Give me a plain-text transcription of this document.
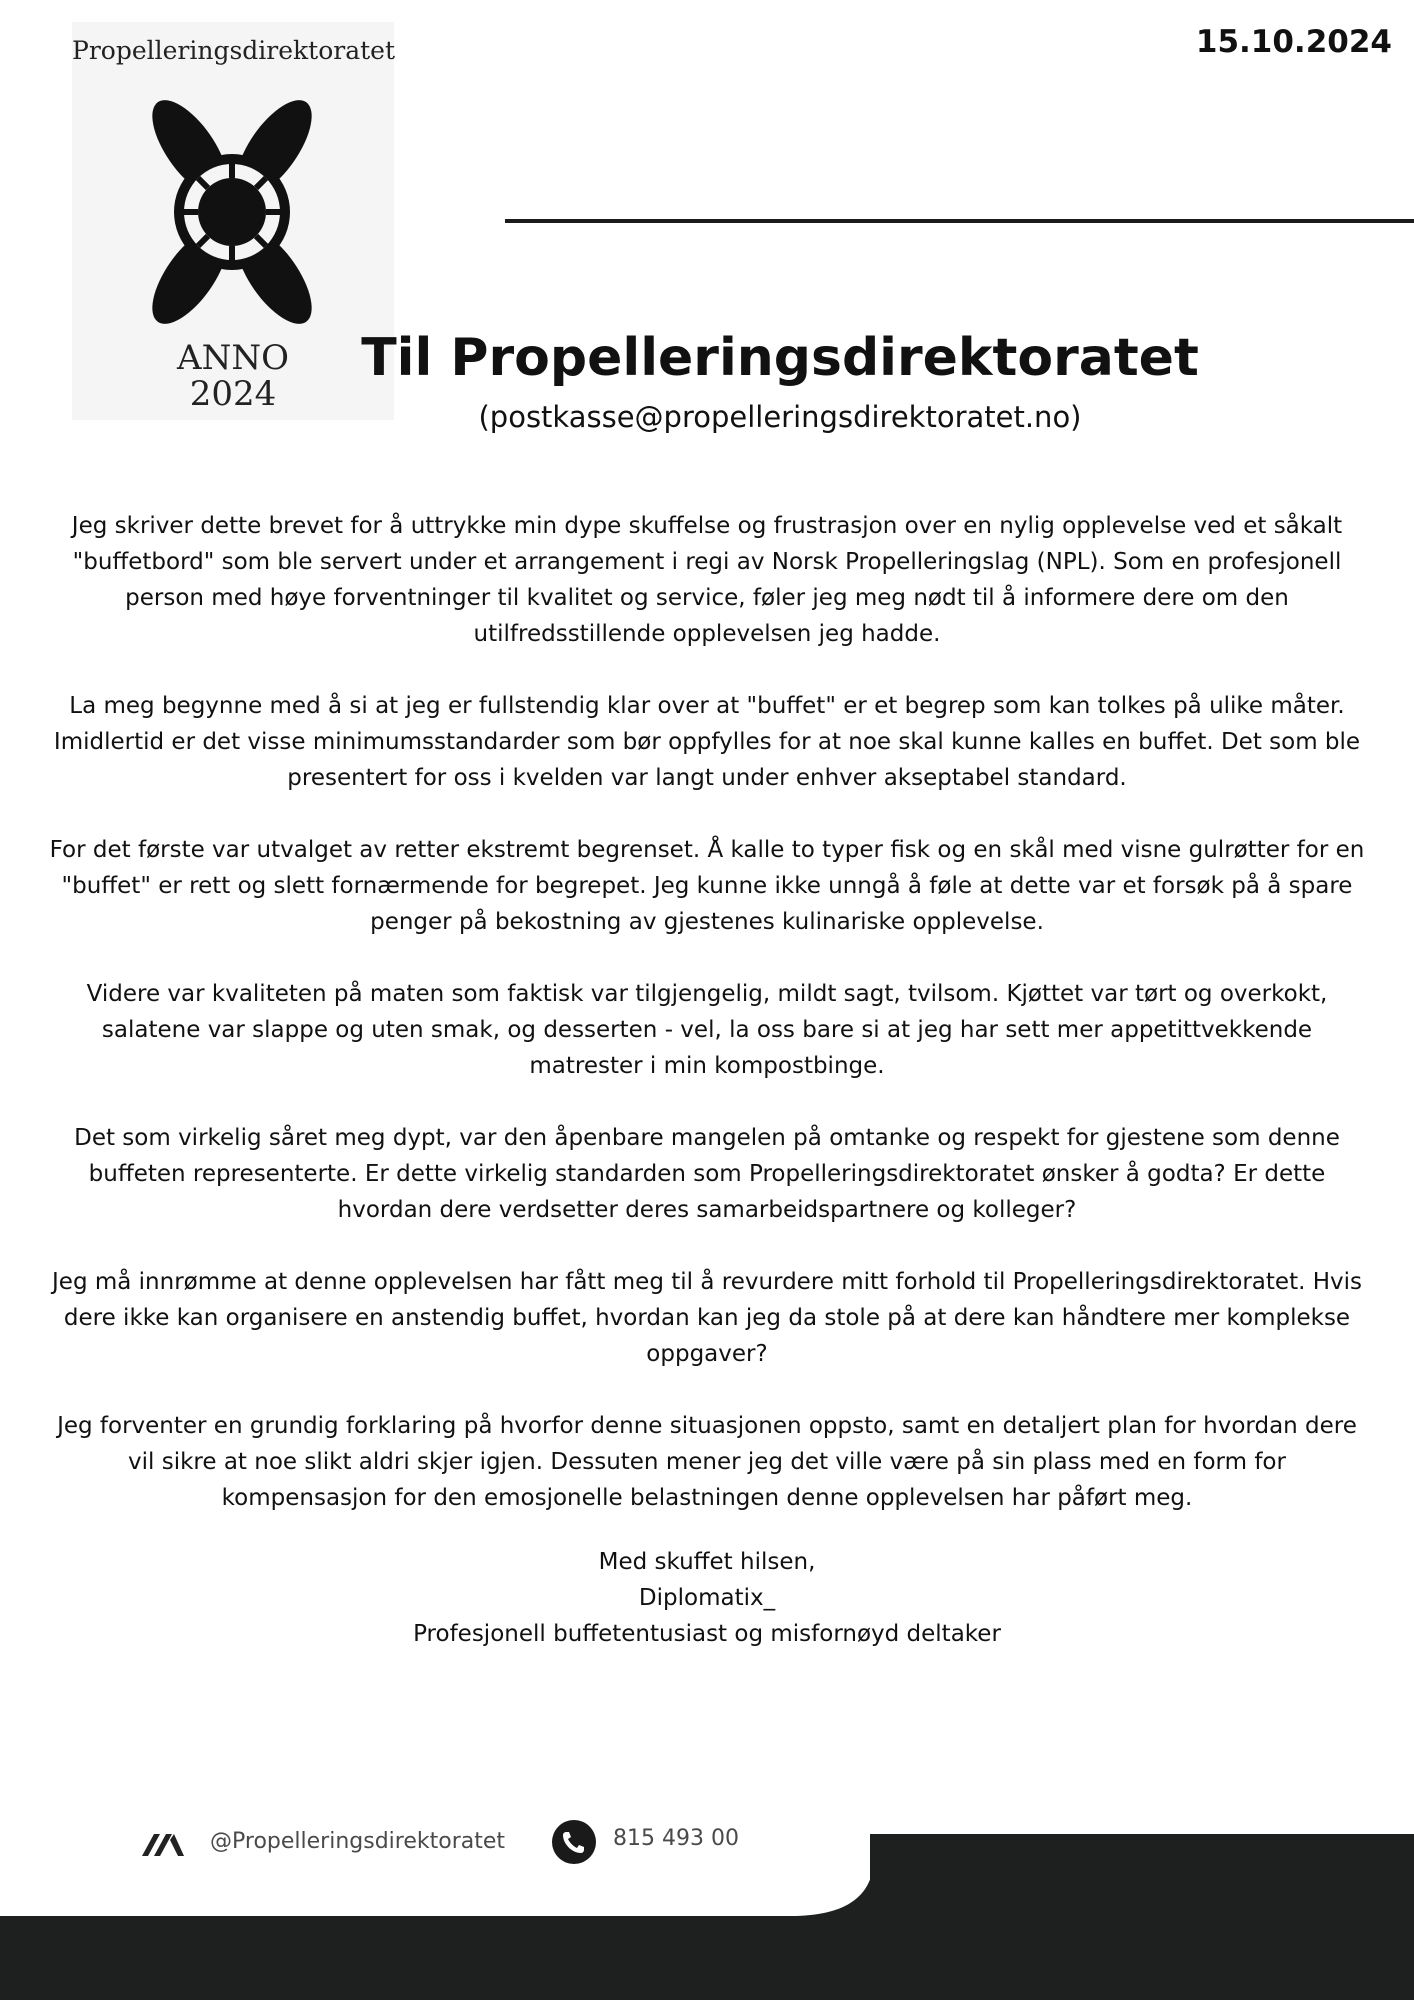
Propelleringsdirektoratet
ANNO
2024
15.10.2024
Til Propelleringsdirektoratet
(postkasse@propelleringsdirektoratet.no)

Jeg skriver dette brevet for å uttrykke min dype skuffelse og frustrasjon over en nylig opplevelse ved et såkalt "buffetbord" som ble servert under et arrangement i regi av Norsk Propelleringslag (NPL). Som en profesjonell person med høye forventninger til kvalitet og service, føler jeg meg nødt til å informere dere om den utilfredsstillende opplevelsen jeg hadde.

La meg begynne med å si at jeg er fullstendig klar over at "buffet" er et begrep som kan tolkes på ulike måter. Imidlertid er det visse minimumsstandarder som bør oppfylles for at noe skal kunne kalles en buffet. Det som ble presentert for oss i kvelden var langt under enhver akseptabel standard.

For det første var utvalget av retter ekstremt begrenset. Å kalle to typer fisk og en skål med visne gulrøtter for en "buffet" er rett og slett fornærmende for begrepet. Jeg kunne ikke unngå å føle at dette var et forsøk på å spare penger på bekostning av gjestenes kulinariske opplevelse.

Videre var kvaliteten på maten som faktisk var tilgjengelig, mildt sagt, tvilsom. Kjøttet var tørt og overkokt, salatene var slappe og uten smak, og desserten - vel, la oss bare si at jeg har sett mer appetittvekkende matrester i min kompostbinge.

Det som virkelig såret meg dypt, var den åpenbare mangelen på omtanke og respekt for gjestene som denne buffeten representerte. Er dette virkelig standarden som Propelleringsdirektoratet ønsker å godta? Er dette hvordan dere verdsetter deres samarbeidspartnere og kolleger?

Jeg må innrømme at denne opplevelsen har fått meg til å revurdere mitt forhold til Propelleringsdirektoratet. Hvis dere ikke kan organisere en anstendig buffet, hvordan kan jeg da stole på at dere kan håndtere mer komplekse oppgaver?

Jeg forventer en grundig forklaring på hvorfor denne situasjonen oppsto, samt en detaljert plan for hvordan dere vil sikre at noe slikt aldri skjer igjen. Dessuten mener jeg det ville være på sin plass med en form for kompensasjon for den emosjonelle belastningen denne opplevelsen har påført meg.

Med skuffet hilsen,
Diplomatix_
Profesjonell buffetentusiast og misfornøyd deltaker
@Propelleringsdirektoratet	815 493 00
